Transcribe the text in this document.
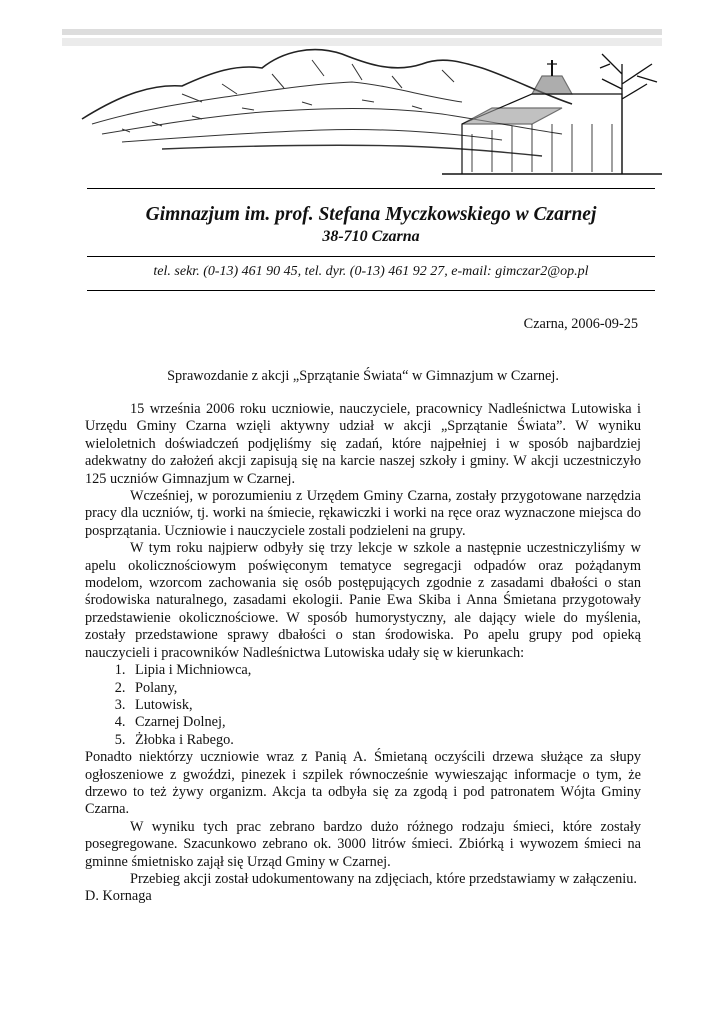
Gimnazjum im. prof. Stefana Myczkowskiego w Czarnej
38-710 Czarna
tel. sekr. (0-13) 461 90 45, tel. dyr. (0-13) 461 92 27, e-mail: gimczar2@op.pl
Czarna, 2006-09-25
Sprawozdanie z akcji „Sprzątanie Świata“ w Gimnazjum w Czarnej.

15 września 2006 roku uczniowie, nauczyciele, pracownicy Nadleśnictwa Lutowiska i Urzędu Gminy Czarna wzięli aktywny udział w akcji „Sprzątanie Świata”. W wyniku wieloletnich doświadczeń podjęliśmy się zadań, które najpełniej i w sposób najbardziej adekwatny do założeń akcji zapisują się na karcie naszej szkoły i gminy. W akcji uczestniczyło 125 uczniów Gimnazjum w Czarnej.

Wcześniej, w porozumieniu z Urzędem Gminy Czarna, zostały przygotowane narzędzia pracy dla uczniów, tj. worki na śmiecie, rękawiczki i worki na ręce oraz wyznaczone miejsca do posprzątania. Uczniowie i nauczyciele zostali podzieleni na grupy.

W tym roku najpierw odbyły się trzy lekcje w szkole a następnie uczestniczyliśmy w apelu okolicznościowym poświęconym tematyce segregacji odpadów oraz pożądanym modelom, wzorcom zachowania się osób postępujących zgodnie z zasadami dbałości o stan środowiska naturalnego, zasadami ekologii. Panie Ewa Skiba i Anna Śmietana przygotowały przedstawienie okolicznościowe. W sposób humorystyczny, ale dający wiele do myślenia, zostały przedstawione sprawy dbałości o stan środowiska. Po apelu grupy pod opieką nauczycieli i pracowników Nadleśnictwa Lutowiska udały się w kierunkach:

1. Lipia i Michniowca,
2. Polany,
3. Lutowisk,
4. Czarnej Dolnej,
5. Żłobka i Rabego.

Ponadto niektórzy uczniowie wraz z Panią A. Śmietaną oczyścili drzewa służące za słupy ogłoszeniowe z gwoździ, pinezek i szpilek równocześnie wywieszając informacje o tym, że drzewo to też żywy organizm. Akcja ta odbyła się za zgodą i pod patronatem Wójta Gminy Czarna.

W wyniku tych prac zebrano bardzo dużo różnego rodzaju śmieci, które zostały posegregowane. Szacunkowo zebrano ok. 3000 litrów śmieci. Zbiórką i wywozem śmieci na gminne śmietnisko zajął się Urząd Gminy w Czarnej.

Przebieg akcji został udokumentowany na zdjęciach, które przedstawiamy w załączeniu.

D. Kornaga
